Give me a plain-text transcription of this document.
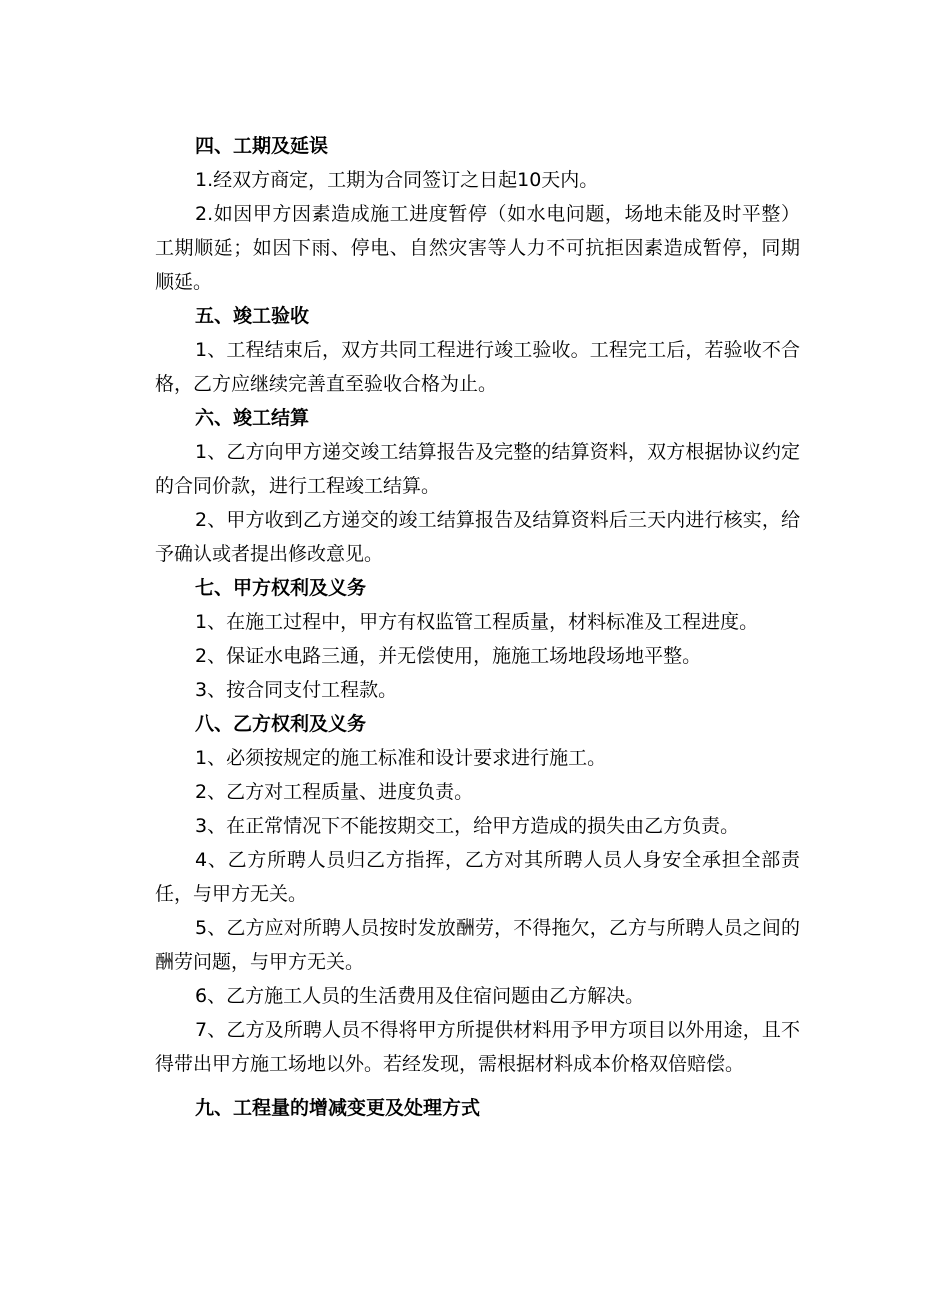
四、工期及延误

1.经双方商定，工期为合同签订之日起10天内。

2.如因甲方因素造成施工进度暂停（如水电问题，场地未能及时平整）工期顺延；如因下雨、停电、自然灾害等人力不可抗拒因素造成暂停，同期顺延。

五、竣工验收

1、工程结束后，双方共同工程进行竣工验收。工程完工后，若验收不合格，乙方应继续完善直至验收合格为止。

六、竣工结算

1、乙方向甲方递交竣工结算报告及完整的结算资料，双方根据协议约定的合同价款，进行工程竣工结算。

2、甲方收到乙方递交的竣工结算报告及结算资料后三天内进行核实，给予确认或者提出修改意见。

七、甲方权利及义务

1、在施工过程中，甲方有权监管工程质量，材料标准及工程进度。

2、保证水电路三通，并无偿使用，施施工场地段场地平整。

3、按合同支付工程款。

八、乙方权利及义务

1、必须按规定的施工标准和设计要求进行施工。

2、乙方对工程质量、进度负责。

3、在正常情况下不能按期交工，给甲方造成的损失由乙方负责。

4、乙方所聘人员归乙方指挥，乙方对其所聘人员人身安全承担全部责任，与甲方无关。

5、乙方应对所聘人员按时发放酬劳，不得拖欠，乙方与所聘人员之间的酬劳问题，与甲方无关。

6、乙方施工人员的生活费用及住宿问题由乙方解决。

7、乙方及所聘人员不得将甲方所提供材料用予甲方项目以外用途，且不得带出甲方施工场地以外。若经发现，需根据材料成本价格双倍赔偿。

九、工程量的增减变更及处理方式
